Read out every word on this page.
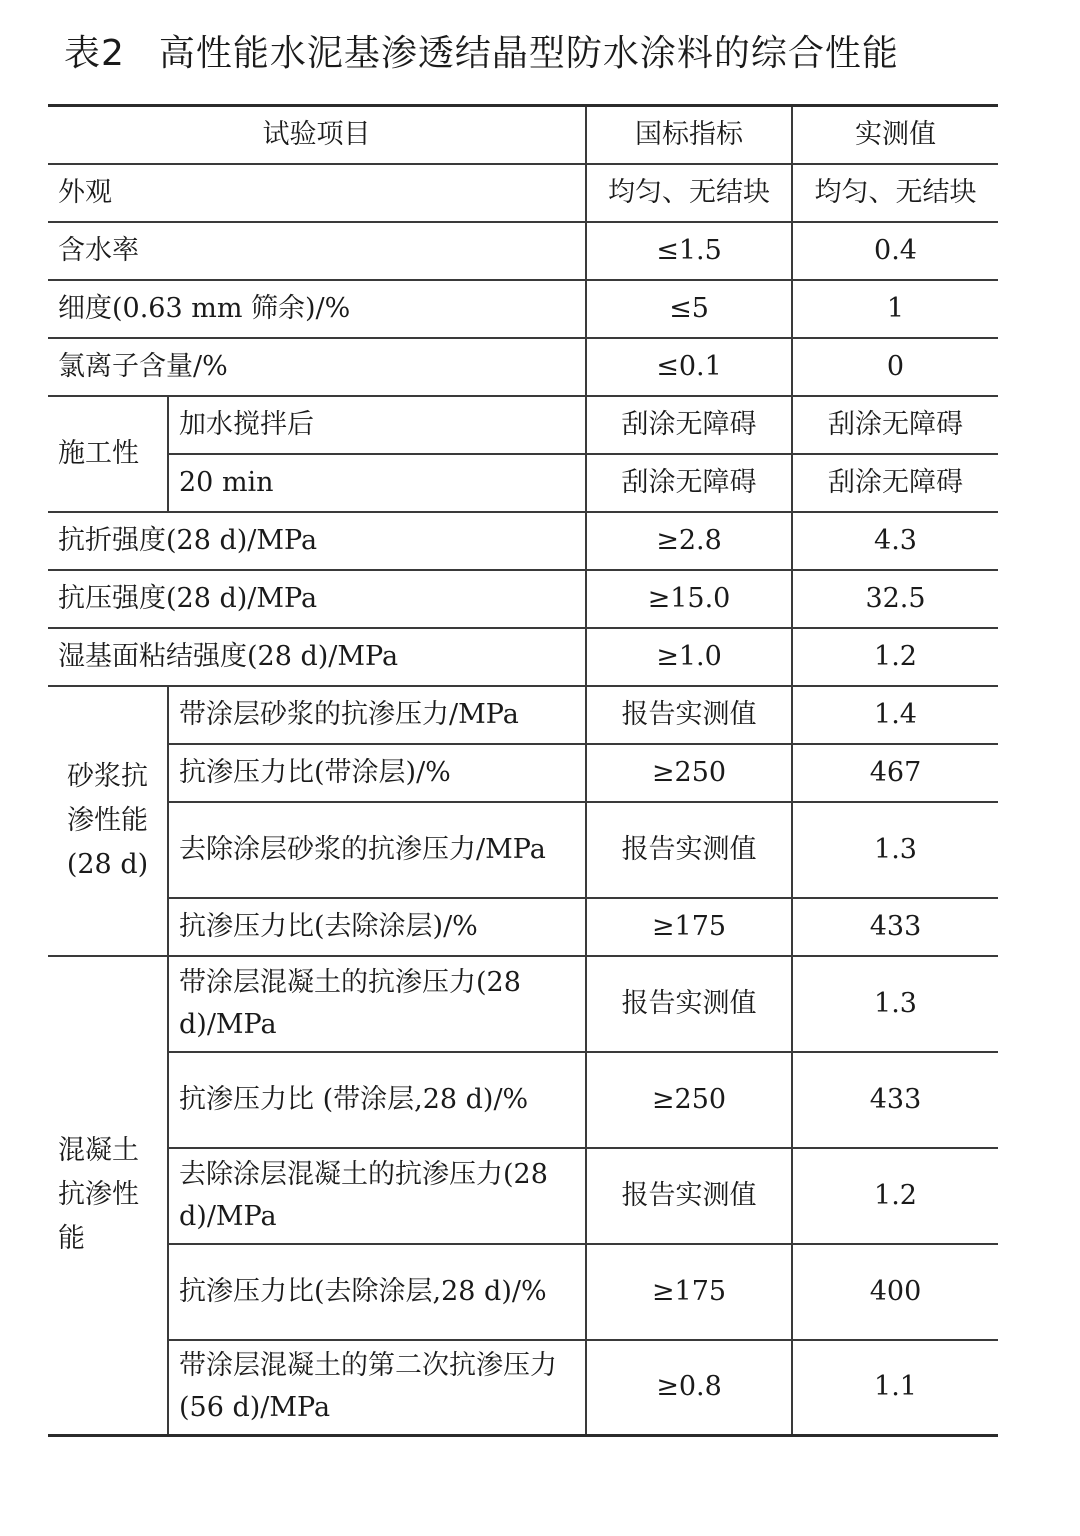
表2 高性能水泥基渗透结晶型防水涂料的综合性能
试验项目		国标指标	实测值
外观		均匀、无结块	均匀、无结块
含水率		≤1.5	0.4
细度(0.63 mm 筛余)/%		≤5	1
氯离子含量/%		≤0.1	0
施工性	加水搅拌后	刮涂无障碍	刮涂无障碍
	20 min	刮涂无障碍	刮涂无障碍
抗折强度(28 d)/MPa		≥2.8	4.3
抗压强度(28 d)/MPa		≥15.0	32.5
湿基面粘结强度(28 d)/MPa		≥1.0	1.2
砂浆抗渗性能(28 d)	带涂层砂浆的抗渗压力/MPa	报告实测值	1.4
	抗渗压力比(带涂层)/%	≥250	467
	去除涂层砂浆的抗渗压力/MPa	报告实测值	1.3
	抗渗压力比(去除涂层)/%	≥175	433
混凝土抗渗性能	带涂层混凝土的抗渗压力(28 d)/MPa	报告实测值	1.3
	抗渗压力比 (带涂层,28 d)/%	≥250	433
	去除涂层混凝土的抗渗压力(28 d)/MPa	报告实测值	1.2
	抗渗压力比(去除涂层,28 d)/%	≥175	400
	带涂层混凝土的第二次抗渗压力(56 d)/MPa	≥0.8	1.1
